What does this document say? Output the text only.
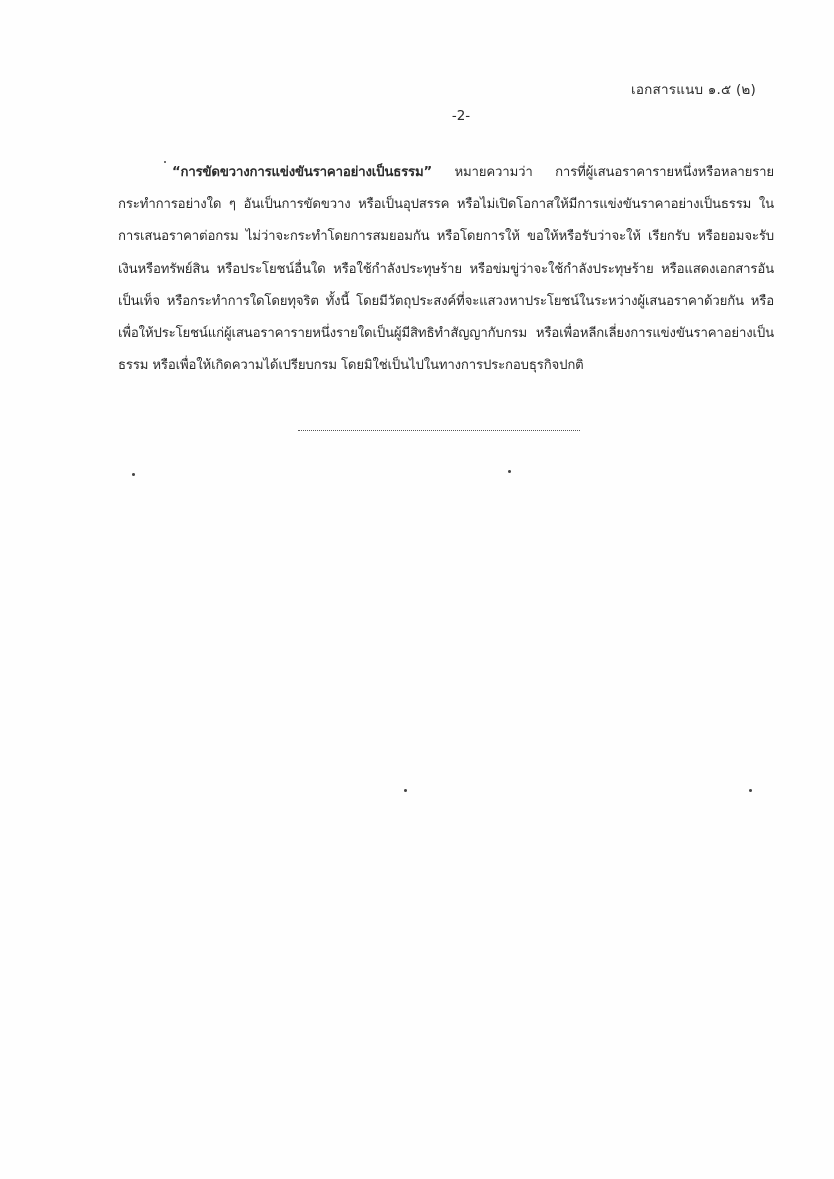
เอกสารแนบ ๑.๕ (๒)
-2-

“การขัดขวางการแข่งขันราคาอย่างเป็นธรรม” หมายความว่า การที่ผู้เสนอราคารายหนึ่งหรือหลายรายกระทำการอย่างใด ๆ อันเป็นการขัดขวาง หรือเป็นอุปสรรค หรือไม่เปิดโอกาสให้มีการแข่งขันราคาอย่างเป็นธรรม ในการเสนอราคาต่อกรม ไม่ว่าจะกระทำโดยการสมยอมกัน หรือโดยการให้ ขอให้หรือรับว่าจะให้ เรียกรับ หรือยอมจะรับเงินหรือทรัพย์สิน หรือประโยชน์อื่นใด หรือใช้กำลังประทุษร้าย หรือข่มขู่ว่าจะใช้กำลังประทุษร้าย หรือแสดงเอกสารอันเป็นเท็จ หรือกระทำการใดโดยทุจริต ทั้งนี้ โดยมีวัตถุประสงค์ที่จะแสวงหาประโยชน์ในระหว่างผู้เสนอราคาด้วยกัน หรือเพื่อให้ประโยชน์แก่ผู้เสนอราคารายหนึ่งรายใดเป็นผู้มีสิทธิทำสัญญากับกรม หรือเพื่อหลีกเลี่ยงการแข่งขันราคาอย่างเป็นธรรม หรือเพื่อให้เกิดความได้เปรียบกรม โดยมิใช่เป็นไปในทางการประกอบธุรกิจปกติ
